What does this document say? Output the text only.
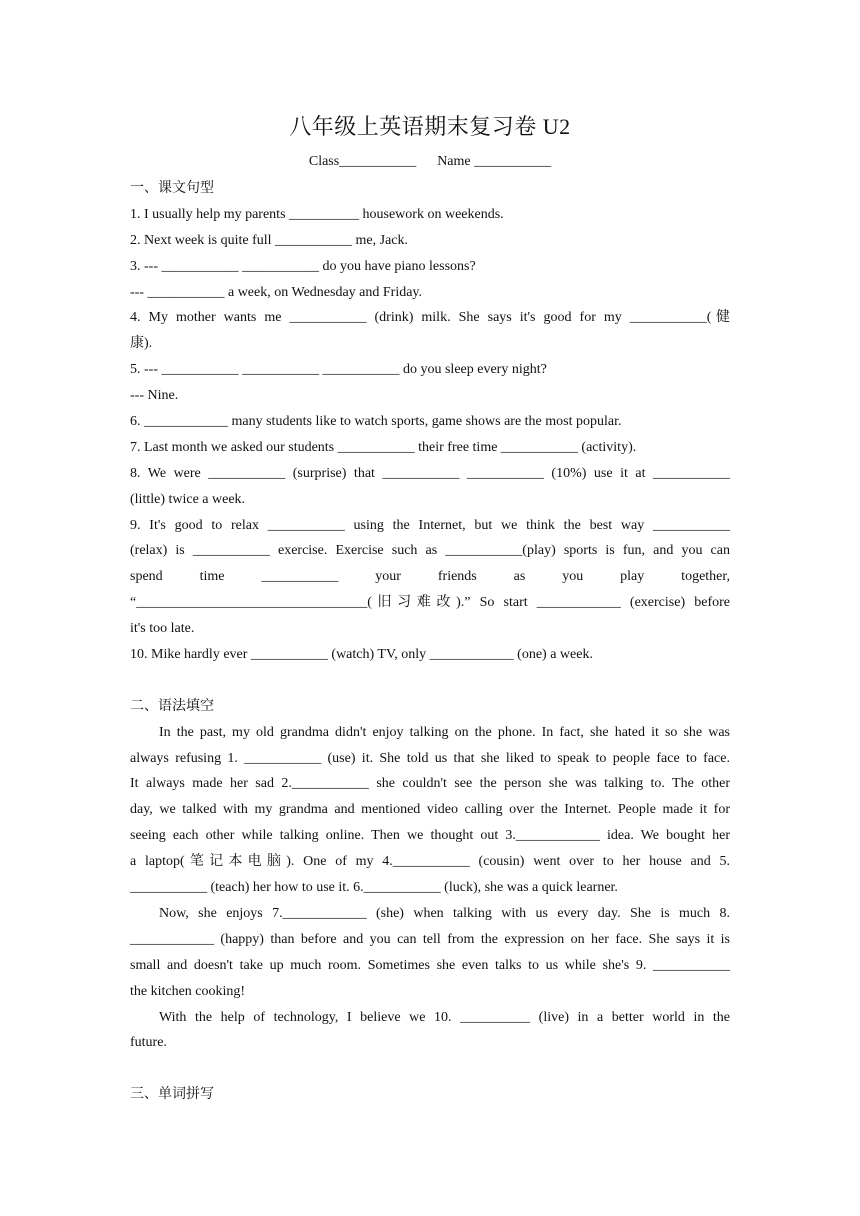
八年级上英语期末复习卷 U2
Class___________      Name ___________
一、课文句型
1. I usually help my parents __________ housework on weekends.
2. Next week is quite full ___________ me, Jack.
3. --- ___________ ___________ do you have piano lessons?
--- ___________ a week, on Wednesday and Friday.
4. My mother wants me ___________ (drink) milk. She says it's good for my ___________(健
康).
5. --- ___________ ___________ ___________ do you sleep every night?
--- Nine.
6. ____________ many students like to watch sports, game shows are the most popular.
7. Last month we asked our students ___________ their free time ___________ (activity).
8. We were ___________ (surprise) that ___________ ___________ (10%) use it at ___________
(little) twice a week.
9. It's good to relax ___________ using the Internet, but we think the best way ___________
(relax) is ___________ exercise. Exercise such as ___________(play) sports is fun, and you can
spend time ___________ your friends as you play together,
“_________________________________(旧习难改).” So start ____________ (exercise) before
it's too late.
10. Mike hardly ever ___________ (watch) TV, only ____________ (one) a week.
二、语法填空
In the past, my old grandma didn't enjoy talking on the phone. In fact, she hated it so she was
always refusing 1. ___________ (use) it. She told us that she liked to speak to people face to face.
It always made her sad 2.___________ she couldn't see the person she was talking to. The other
day, we talked with my grandma and mentioned video calling over the Internet. People made it for
seeing each other while talking online. Then we thought out 3.____________ idea. We bought her
a laptop(笔记本电脑). One of my 4.___________ (cousin) went over to her house and 5.
___________ (teach) her how to use it. 6.___________ (luck), she was a quick learner.
Now, she enjoys 7.____________ (she) when talking with us every day. She is much 8.
____________ (happy) than before and you can tell from the expression on her face. She says it is
small and doesn't take up much room. Sometimes she even talks to us while she's 9. ___________
the kitchen cooking!
With the help of technology, I believe we 10. __________ (live) in a better world in the
future.
三、单词拼写
